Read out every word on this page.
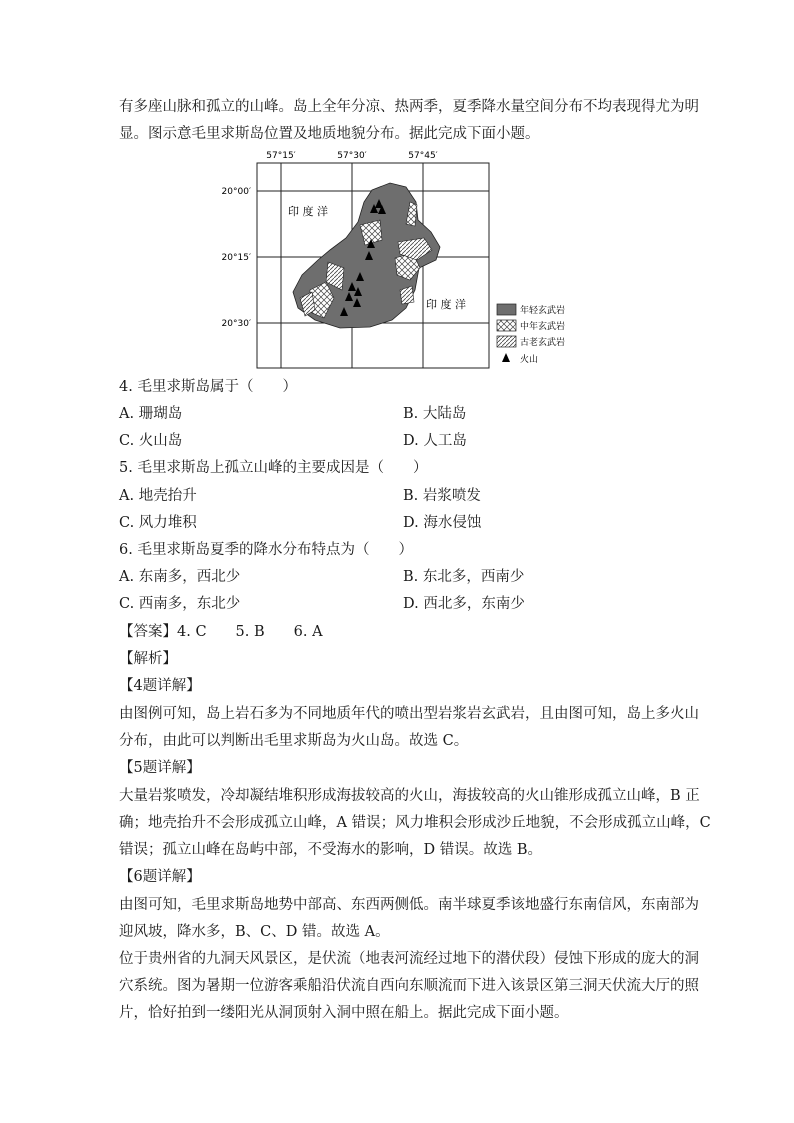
有多座山脉和孤立的山峰。岛上全年分凉、热两季，夏季降水量空间分布不均表现得尤为明
显。图示意毛里求斯岛位置及地质地貌分布。据此完成下面小题。
57°15′	57°30′	57°45′
20°00′
20°15′
20°30′
印 度 洋
印 度 洋	年轻玄武岩
中年玄武岩
古老玄武岩
火山
4. 毛里求斯岛属于（　　）
A. 珊瑚岛	B. 大陆岛
C. 火山岛	D. 人工岛
5. 毛里求斯岛上孤立山峰的主要成因是（　　）
A. 地壳抬升	B. 岩浆喷发
C. 风力堆积	D. 海水侵蚀
6. 毛里求斯岛夏季的降水分布特点为（　　）
A. 东南多，西北少	B. 东北多，西南少
C. 西南多，东北少	D. 西北多，东南少
【答案】4. C　　5. B　　6. A
【解析】
【4题详解】
由图例可知，岛上岩石多为不同地质年代的喷出型岩浆岩玄武岩，且由图可知，岛上多火山
分布，由此可以判断出毛里求斯岛为火山岛。故选 C。
【5题详解】
大量岩浆喷发，冷却凝结堆积形成海拔较高的火山，海拔较高的火山锥形成孤立山峰，B 正
确；地壳抬升不会形成孤立山峰，A 错误；风力堆积会形成沙丘地貌，不会形成孤立山峰，C
错误；孤立山峰在岛屿中部，不受海水的影响，D 错误。故选 B。
【6题详解】
由图可知，毛里求斯岛地势中部高、东西两侧低。南半球夏季该地盛行东南信风，东南部为
迎风坡，降水多，B、C、D 错。故选 A。
位于贵州省的九洞天风景区，是伏流（地表河流经过地下的潜伏段）侵蚀下形成的庞大的洞
穴系统。图为暑期一位游客乘船沿伏流自西向东顺流而下进入该景区第三洞天伏流大厅的照
片，恰好拍到一缕阳光从洞顶射入洞中照在船上。据此完成下面小题。
